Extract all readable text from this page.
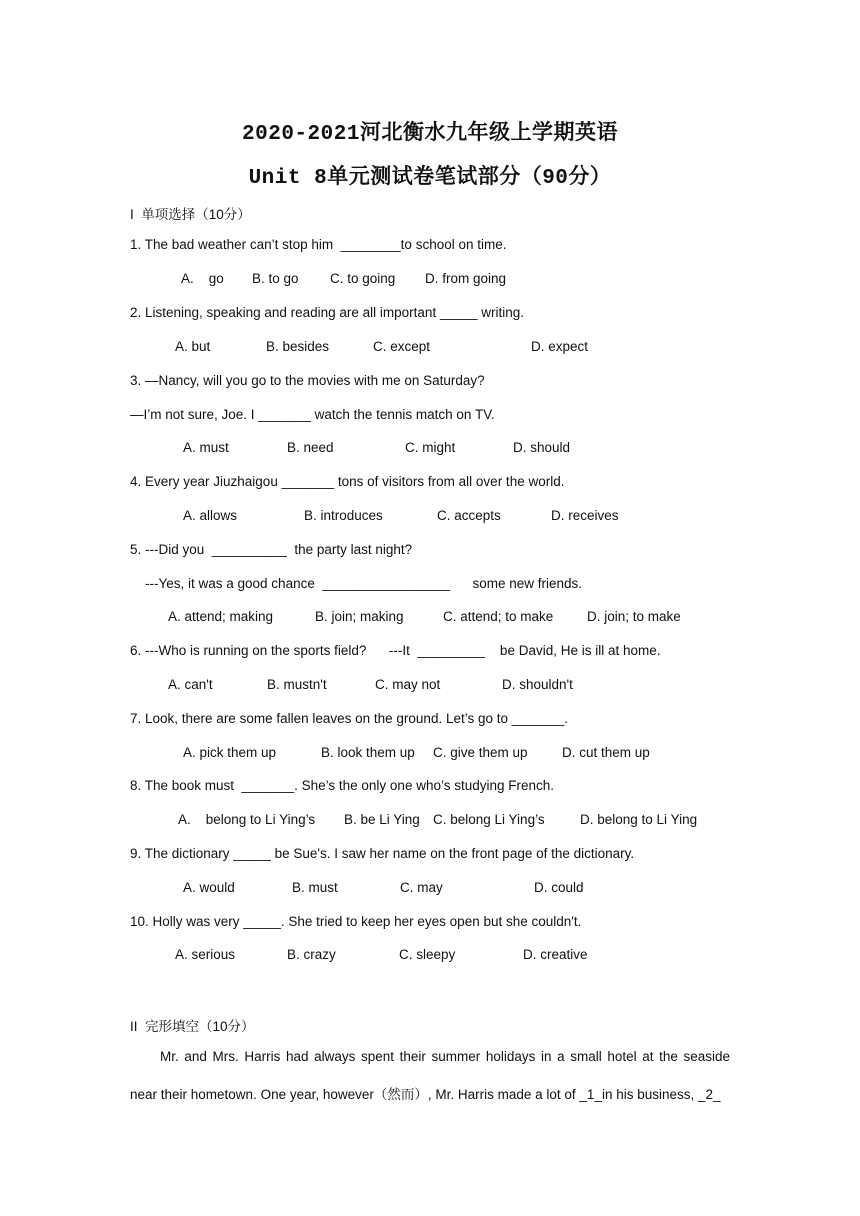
2020-2021河北衡水九年级上学期英语
Unit 8单元测试卷笔试部分（90分）
I  单项选择（10分）
1. The bad weather can’t stop him  ________to school on time.
A.    go B. to go C. to going D. from going
2. Listening, speaking and reading are all important _____ writing.
A. but	B. besides	C. except	D. expect
3. —Nancy, will you go to the movies with me on Saturday?
—I’m not sure, Joe. I _______ watch the tennis match on TV.
A. must	B. need	C. might	D. should
4. Every year Jiuzhaigou _______ tons of visitors from all over the world.
A. allows	B. introduces	C. accepts	D. receives
5. ---Did you  __________  the party last night?
---Yes, it was a good chance  _________________      some new friends.
A. attend; making	B. join; making	C. attend; to make D. join; to make
6. ---Who is running on the sports field?      ---It  _________    be David, He is ill at home.
A. can't	B. mustn't	C. may not	D. shouldn't
7. Look, there are some fallen leaves on the ground. Let’s go to _______.
A. pick them up	B. look them up C. give them up	D. cut them up
8. The book must  _______. She’s the only one who’s studying French.
A.    belong to Li Ying’s B. be Li Ying C. belong Li Ying’s	D. belong to Li Ying
9. The dictionary _____ be Sue's. I saw her name on the front page of the dictionary.
A. would	B. must	C. may	D. could
10. Holly was very _____. She tried to keep her eyes open but she couldn't.
A. serious	B. crazy	C. sleepy	D. creative
II  完形填空（10分）
Mr. and Mrs. Harris had always spent their summer holidays in a small hotel at the seaside
near their hometown. One year, however（然而）, Mr. Harris made a lot of _1_in his business, _2_
